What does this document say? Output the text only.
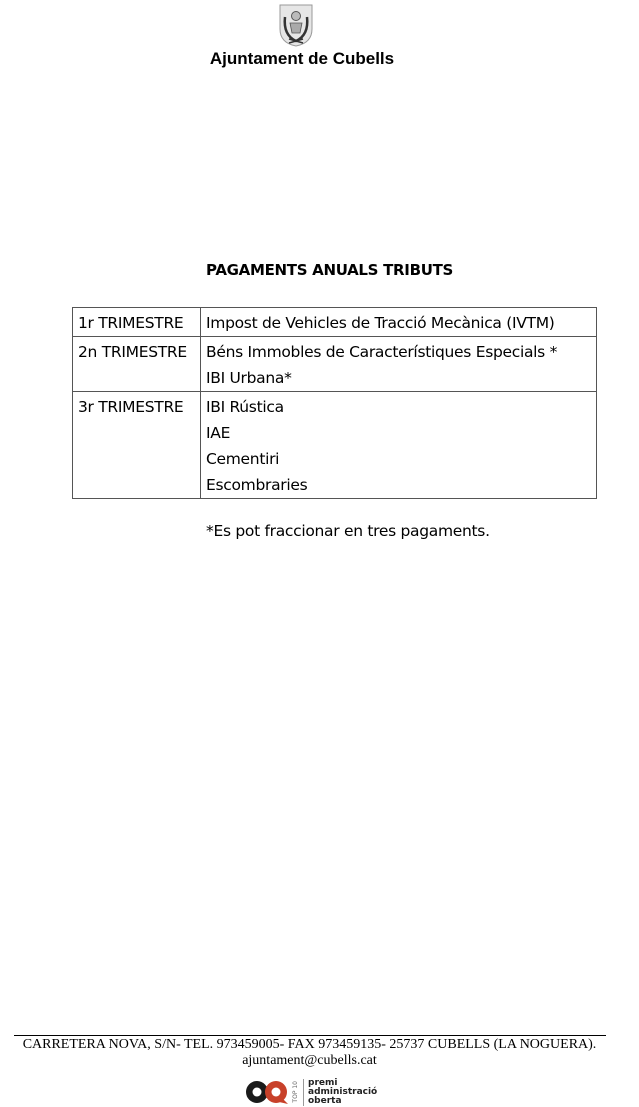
Ajuntament de Cubells
PAGAMENTS ANUALS TRIBUTS
1r TRIMESTRE	Impost de Vehicles de Tracció Mecànica (IVTM)

2n TRIMESTRE	Béns Immobles de Característiques Especials *
IBI Urbana*

3r TRIMESTRE	IBI Rústica
IAE
Cementiri
Escombraries
*Es pot fraccionar en tres pagaments.
CARRETERA NOVA, S/N- TEL. 973459005- FAX 973459135- 25737 CUBELLS (LA NOGUERA).
ajuntament@cubells.cat
TOP 10 premi
administració
oberta
